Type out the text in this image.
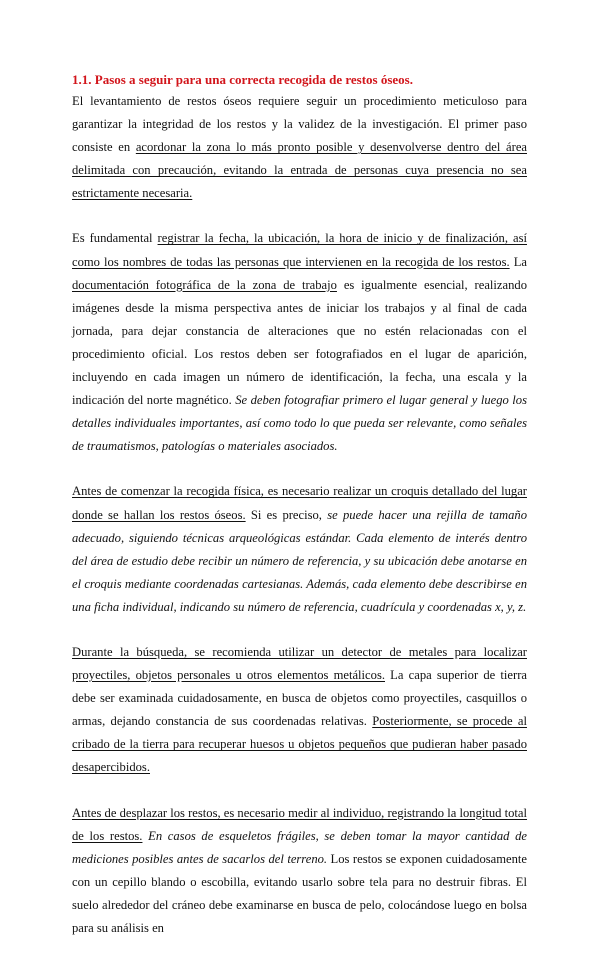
1.1. Pasos a seguir para una correcta recogida de restos óseos.

El levantamiento de restos óseos requiere seguir un procedimiento meticuloso para garantizar la integridad de los restos y la validez de la investigación. El primer paso consiste en acordonar la zona lo más pronto posible y desenvolverse dentro del área delimitada con precaución, evitando la entrada de personas cuya presencia no sea estrictamente necesaria.

Es fundamental registrar la fecha, la ubicación, la hora de inicio y de finalización, así como los nombres de todas las personas que intervienen en la recogida de los restos. La documentación fotográfica de la zona de trabajo es igualmente esencial, realizando imágenes desde la misma perspectiva antes de iniciar los trabajos y al final de cada jornada, para dejar constancia de alteraciones que no estén relacionadas con el procedimiento oficial. Los restos deben ser fotografiados en el lugar de aparición, incluyendo en cada imagen un número de identificación, la fecha, una escala y la indicación del norte magnético. Se deben fotografiar primero el lugar general y luego los detalles individuales importantes, así como todo lo que pueda ser relevante, como señales de traumatismos, patologías o materiales asociados.

Antes de comenzar la recogida física, es necesario realizar un croquis detallado del lugar donde se hallan los restos óseos. Si es preciso, se puede hacer una rejilla de tamaño adecuado, siguiendo técnicas arqueológicas estándar. Cada elemento de interés dentro del área de estudio debe recibir un número de referencia, y su ubicación debe anotarse en el croquis mediante coordenadas cartesianas. Además, cada elemento debe describirse en una ficha individual, indicando su número de referencia, cuadrícula y coordenadas x, y, z.

Durante la búsqueda, se recomienda utilizar un detector de metales para localizar proyectiles, objetos personales u otros elementos metálicos. La capa superior de tierra debe ser examinada cuidadosamente, en busca de objetos como proyectiles, casquillos o armas, dejando constancia de sus coordenadas relativas. Posteriormente, se procede al cribado de la tierra para recuperar huesos u objetos pequeños que pudieran haber pasado desapercibidos.

Antes de desplazar los restos, es necesario medir al individuo, registrando la longitud total de los restos. En casos de esqueletos frágiles, se deben tomar la mayor cantidad de mediciones posibles antes de sacarlos del terreno. Los restos se exponen cuidadosamente con un cepillo blando o escobilla, evitando usarlo sobre tela para no destruir fibras. El suelo alrededor del cráneo debe examinarse en busca de pelo, colocándose luego en bolsa para su análisis en
